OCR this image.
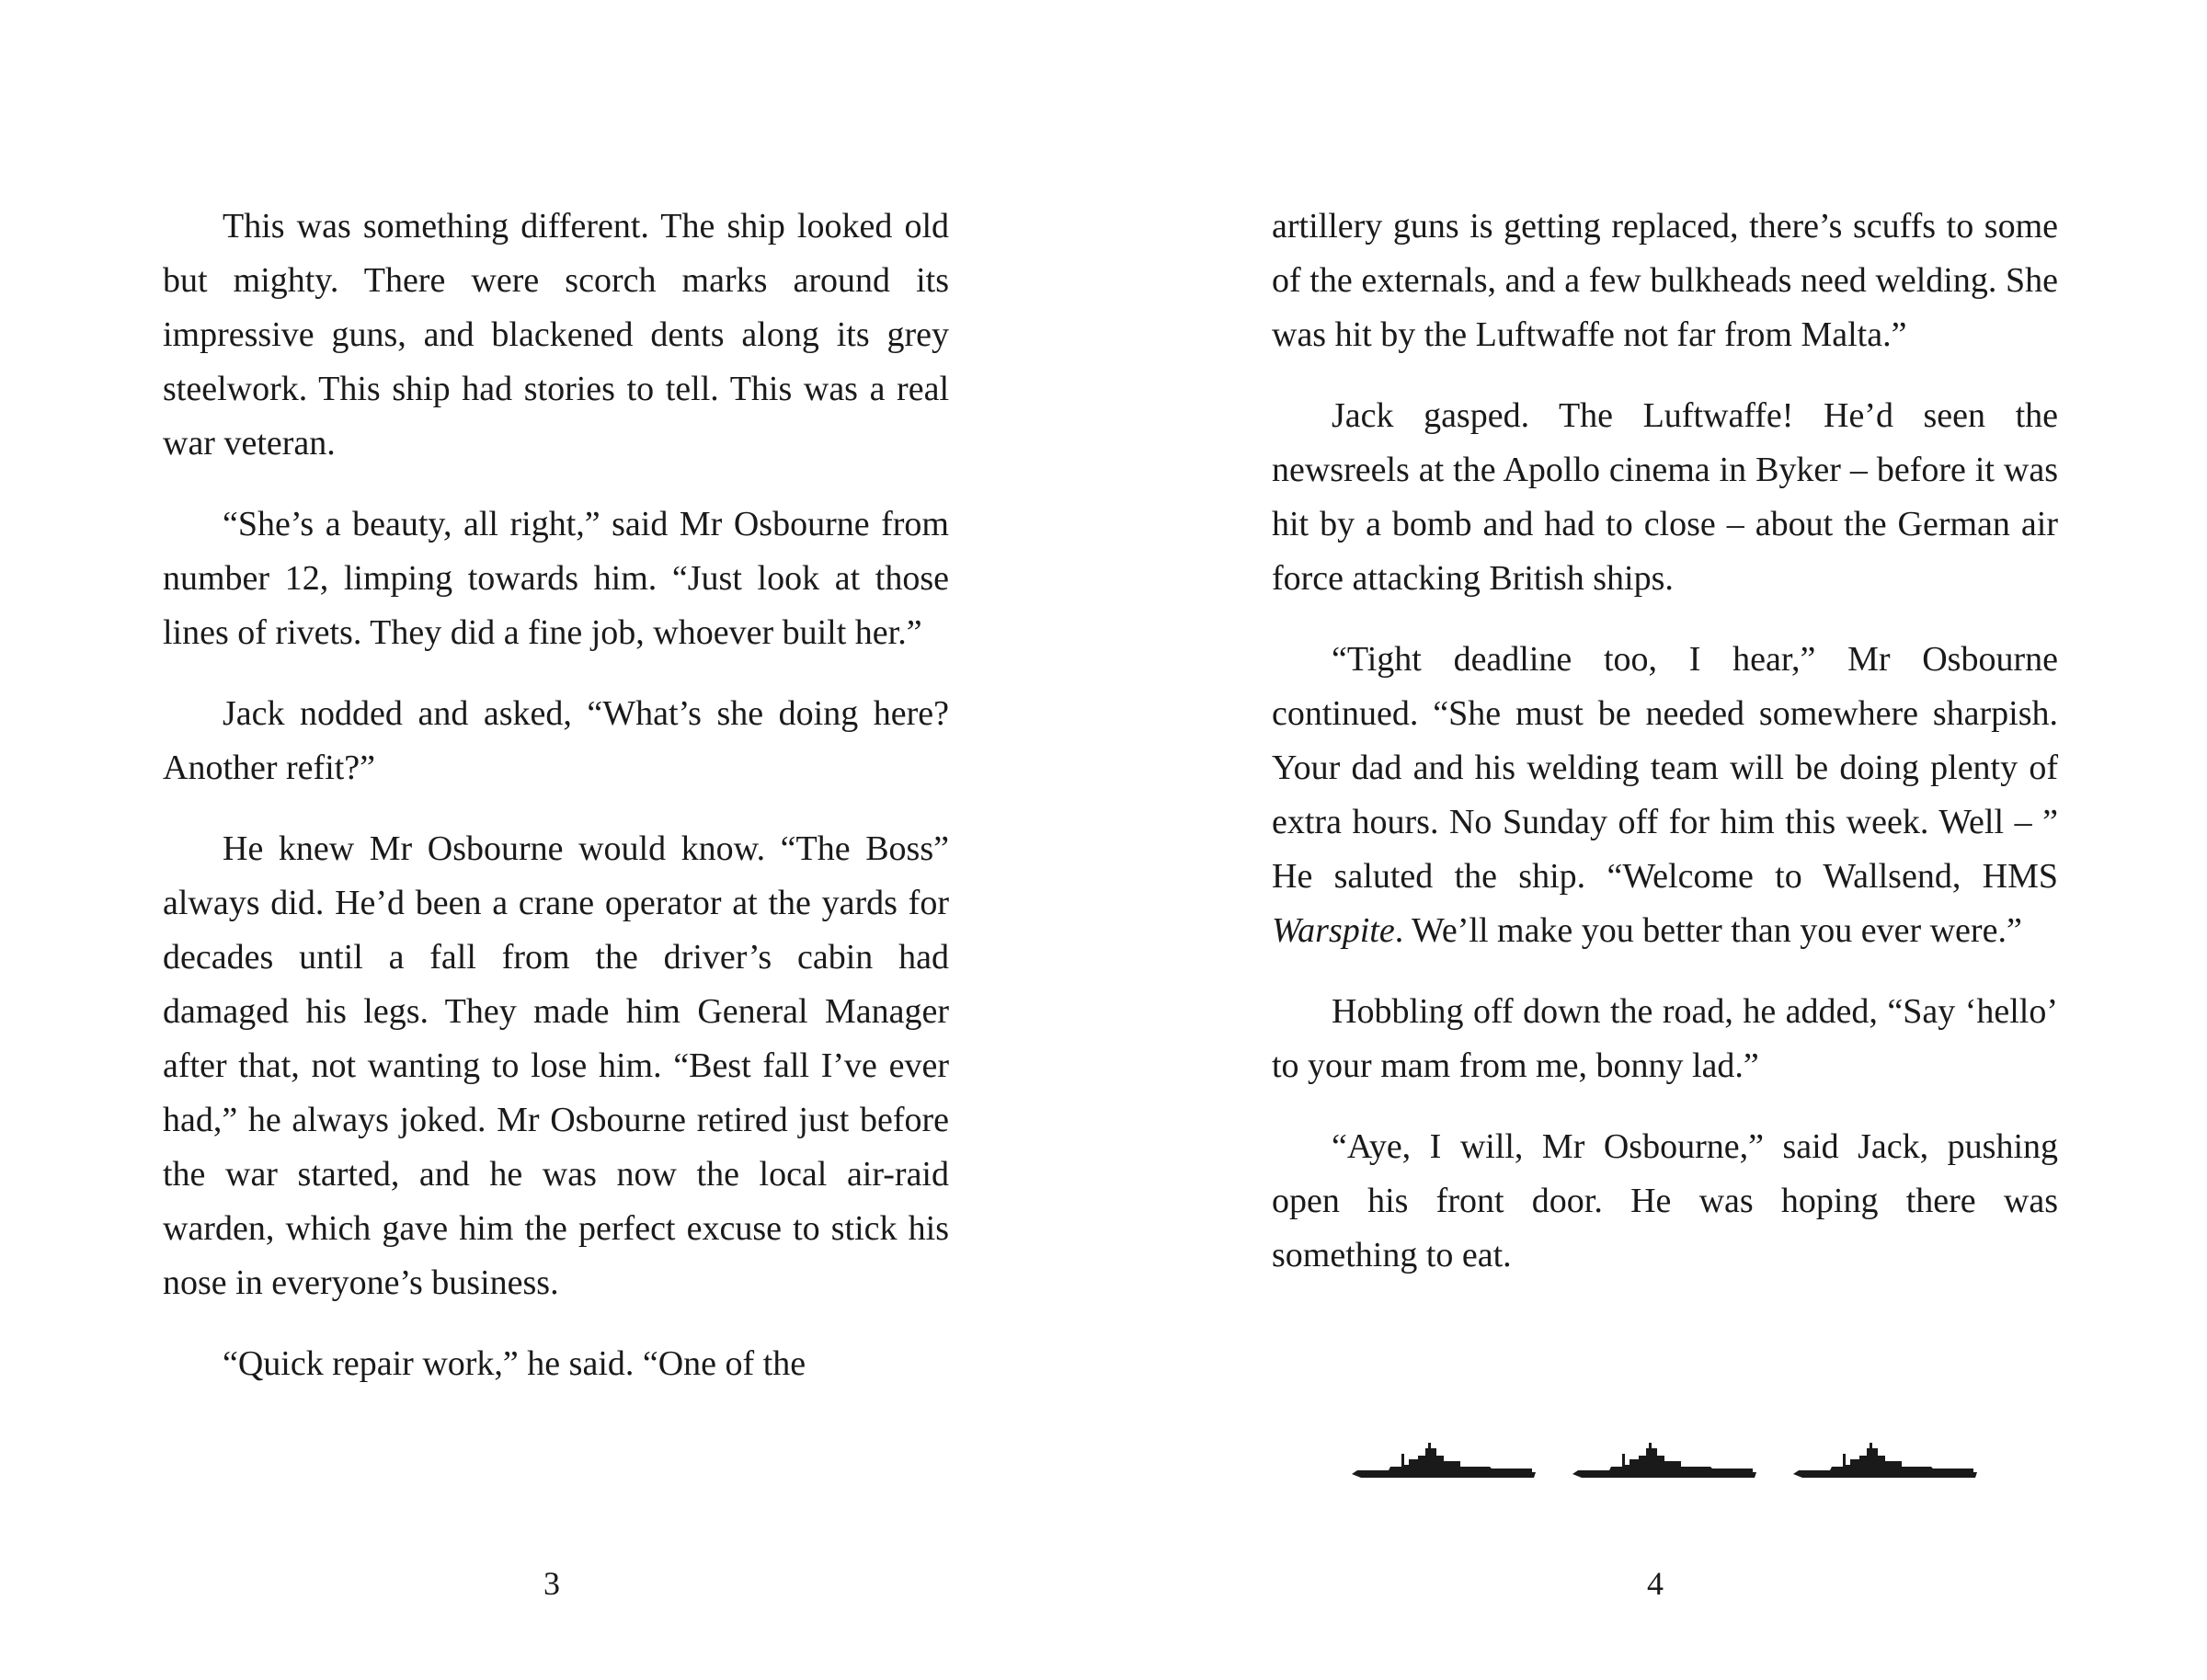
This was something different. The ship looked old but mighty. There were scorch marks around its impressive guns, and blackened dents along its grey steelwork. This ship had stories to tell. This was a real war veteran.

“She’s a beauty, all right,” said Mr Osbourne from number 12, limping towards him. “Just look at those lines of rivets. They did a fine job, whoever built her.”

Jack nodded and asked, “What’s she doing here? Another refit?”

He knew Mr Osbourne would know. “The Boss” always did. He’d been a crane operator at the yards for decades until a fall from the driver’s cabin had damaged his legs. They made him General Manager after that, not wanting to lose him. “Best fall I’ve ever had,” he always joked. Mr Osbourne retired just before the war started, and he was now the local air-raid warden, which gave him the perfect excuse to stick his nose in everyone’s business.

“Quick repair work,” he said. “One of the

3

artillery guns is getting replaced, there’s scuffs to some of the externals, and a few bulkheads need welding. She was hit by the Luftwaffe not far from Malta.”

Jack gasped. The Luftwaffe! He’d seen the newsreels at the Apollo cinema in Byker – before it was hit by a bomb and had to close – about the German air force attacking British ships.

“Tight deadline too, I hear,” Mr Osbourne continued. “She must be needed somewhere sharpish. Your dad and his welding team will be doing plenty of extra hours. No Sunday off for him this week. Well – ” He saluted the ship. “Welcome to Wallsend, HMS Warspite. We’ll make you better than you ever were.”

Hobbling off down the road, he added, “Say ‘hello’ to your mam from me, bonny lad.”

“Aye, I will, Mr Osbourne,” said Jack, pushing open his front door. He was hoping there was something to eat.

4
